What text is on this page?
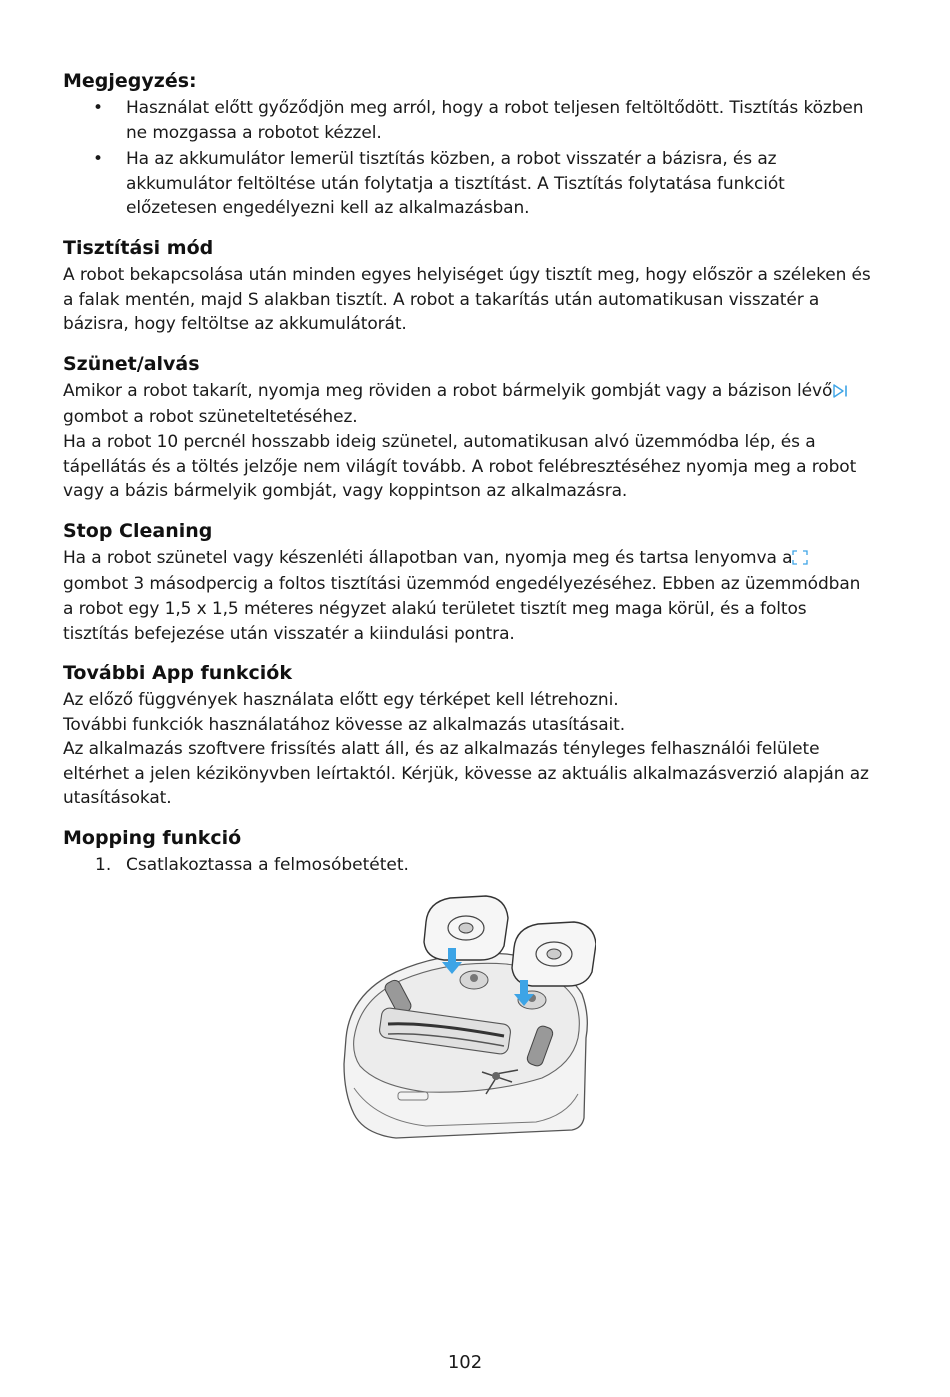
Megjegyzés:
• Használat előtt győződjön meg arról, hogy a robot teljesen feltöltődött. Tisztítás közben ne mozgassa a robotot kézzel.
• Ha az akkumulátor lemerül tisztítás közben, a robot visszatér a bázisra, és az akkumulátor feltöltése után folytatja a tisztítást. A Tisztítás folytatása funkciót előzetesen engedélyezni kell az alkalmazásban.
Tisztítási mód

A robot bekapcsolása után minden egyes helyiséget úgy tisztít meg, hogy először a széleken és a falak mentén, majd S alakban tisztít. A robot a takarítás után automatikusan visszatér a bázisra, hogy feltöltse az akkumulátorát.

Szünet/alvás

Amikor a robot takarít, nyomja meg röviden a robot bármelyik gombját vagy a bázison lévő gombot a robot szüneteltetéséhez.

Ha a robot 10 percnél hosszabb ideig szünetel, automatikusan alvó üzemmódba lép, és a tápellátás és a töltés jelzője nem világít tovább. A robot felébresztéséhez nyomja meg a robot vagy a bázis bármelyik gombját, vagy koppintson az alkalmazásra.

Stop Cleaning

Ha a robot szünetel vagy készenléti állapotban van, nyomja meg és tartsa lenyomva a gombot 3 másodpercig a foltos tisztítási üzemmód engedélyezéséhez. Ebben az üzemmódban a robot egy 1,5 x 1,5 méteres négyzet alakú területet tisztít meg maga körül, és a foltos tisztítás befejezése után visszatér a kiindulási pontra.

További App funkciók

Az előző függvények használata előtt egy térképet kell létrehozni.

További funkciók használatához kövesse az alkalmazás utasításait.

Az alkalmazás szoftvere frissítés alatt áll, és az alkalmazás tényleges felhasználói felülete eltérhet a jelen kézikönyvben leírtaktól. Kérjük, kövesse az aktuális alkalmazásverzió alapján az utasításokat.

Mopping funkció
1. Csatlakoztassa a felmosóbetétet.
102
